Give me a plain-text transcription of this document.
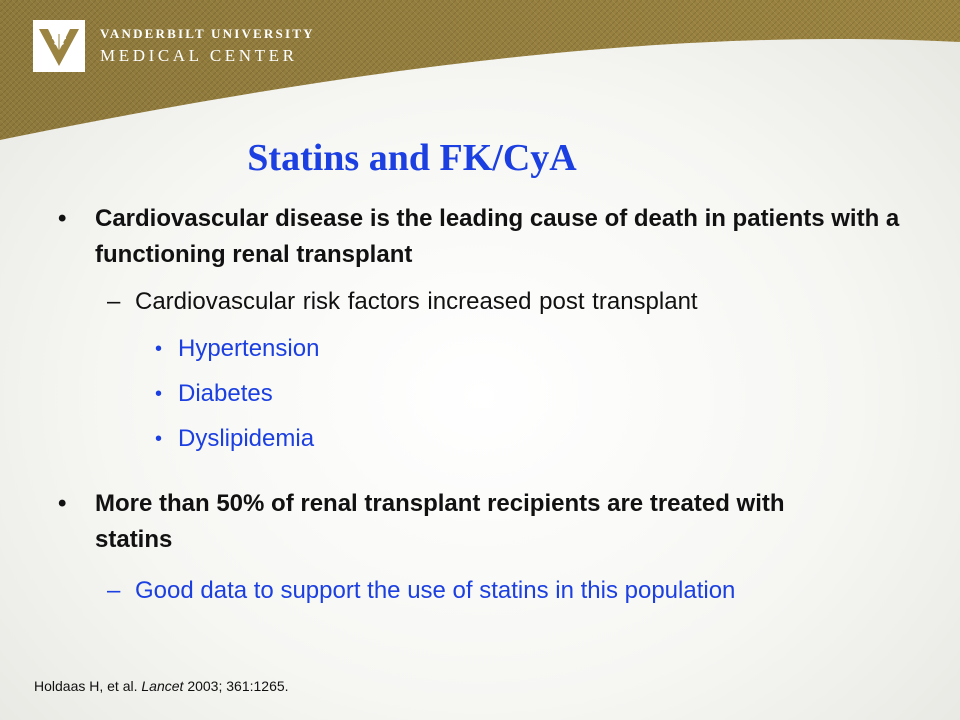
VANDERBILT UNIVERSITY
MEDICAL CENTER
Statins and FK/CyA
• Cardiovascular disease is the leading cause of death in patients with a functioning renal transplant
– Cardiovascular risk factors increased post transplant
• Hypertension
• Diabetes
• Dyslipidemia
• More than 50% of renal transplant recipients are treated with statins
– Good data to support the use of statins in this population
Holdaas H, et al. Lancet 2003; 361:1265.
